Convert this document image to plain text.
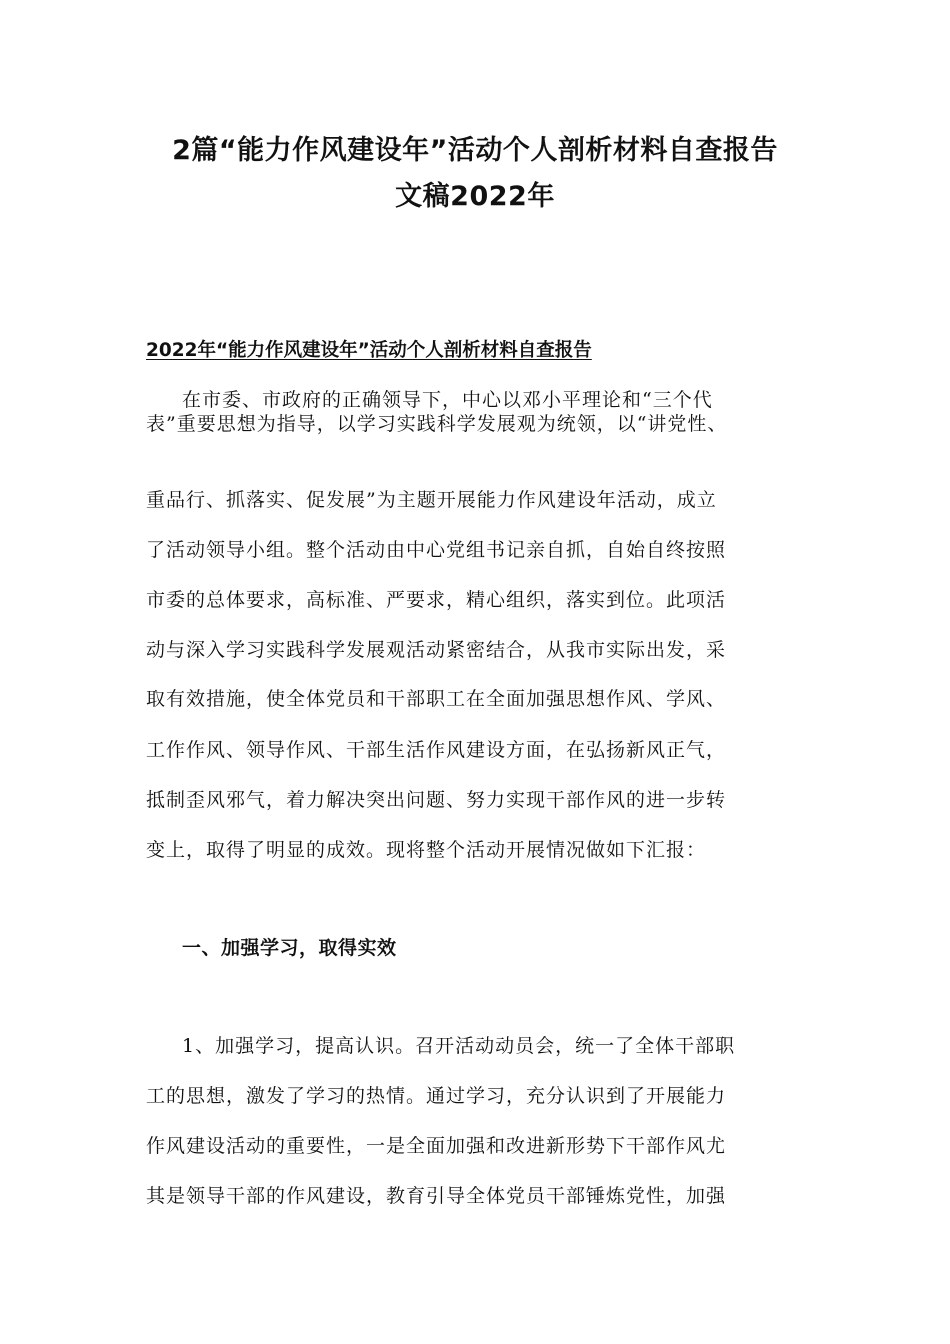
2篇“能力作风建设年”活动个人剖析材料自查报告
文稿2022年
2022年“能力作风建设年”活动个人剖析材料自查报告

在市委、市政府的正确领导下，中心以邓小平理论和“三个代

表”重要思想为指导，以学习实践科学发展观为统领，以“讲党性、

重品行、抓落实、促发展”为主题开展能力作风建设年活动，成立

了活动领导小组。整个活动由中心党组书记亲自抓，自始自终按照

市委的总体要求，高标准、严要求，精心组织，落实到位。此项活

动与深入学习实践科学发展观活动紧密结合，从我市实际出发，采

取有效措施，使全体党员和干部职工在全面加强思想作风、学风、

工作作风、领导作风、干部生活作风建设方面，在弘扬新风正气，

抵制歪风邪气，着力解决突出问题、努力实现干部作风的进一步转

变上，取得了明显的成效。现将整个活动开展情况做如下汇报：

一、加强学习，取得实效

1、加强学习，提高认识。召开活动动员会，统一了全体干部职

工的思想，激发了学习的热情。通过学习，充分认识到了开展能力

作风建设活动的重要性，一是全面加强和改进新形势下干部作风尤

其是领导干部的作风建设，教育引导全体党员干部锤炼党性，加强
